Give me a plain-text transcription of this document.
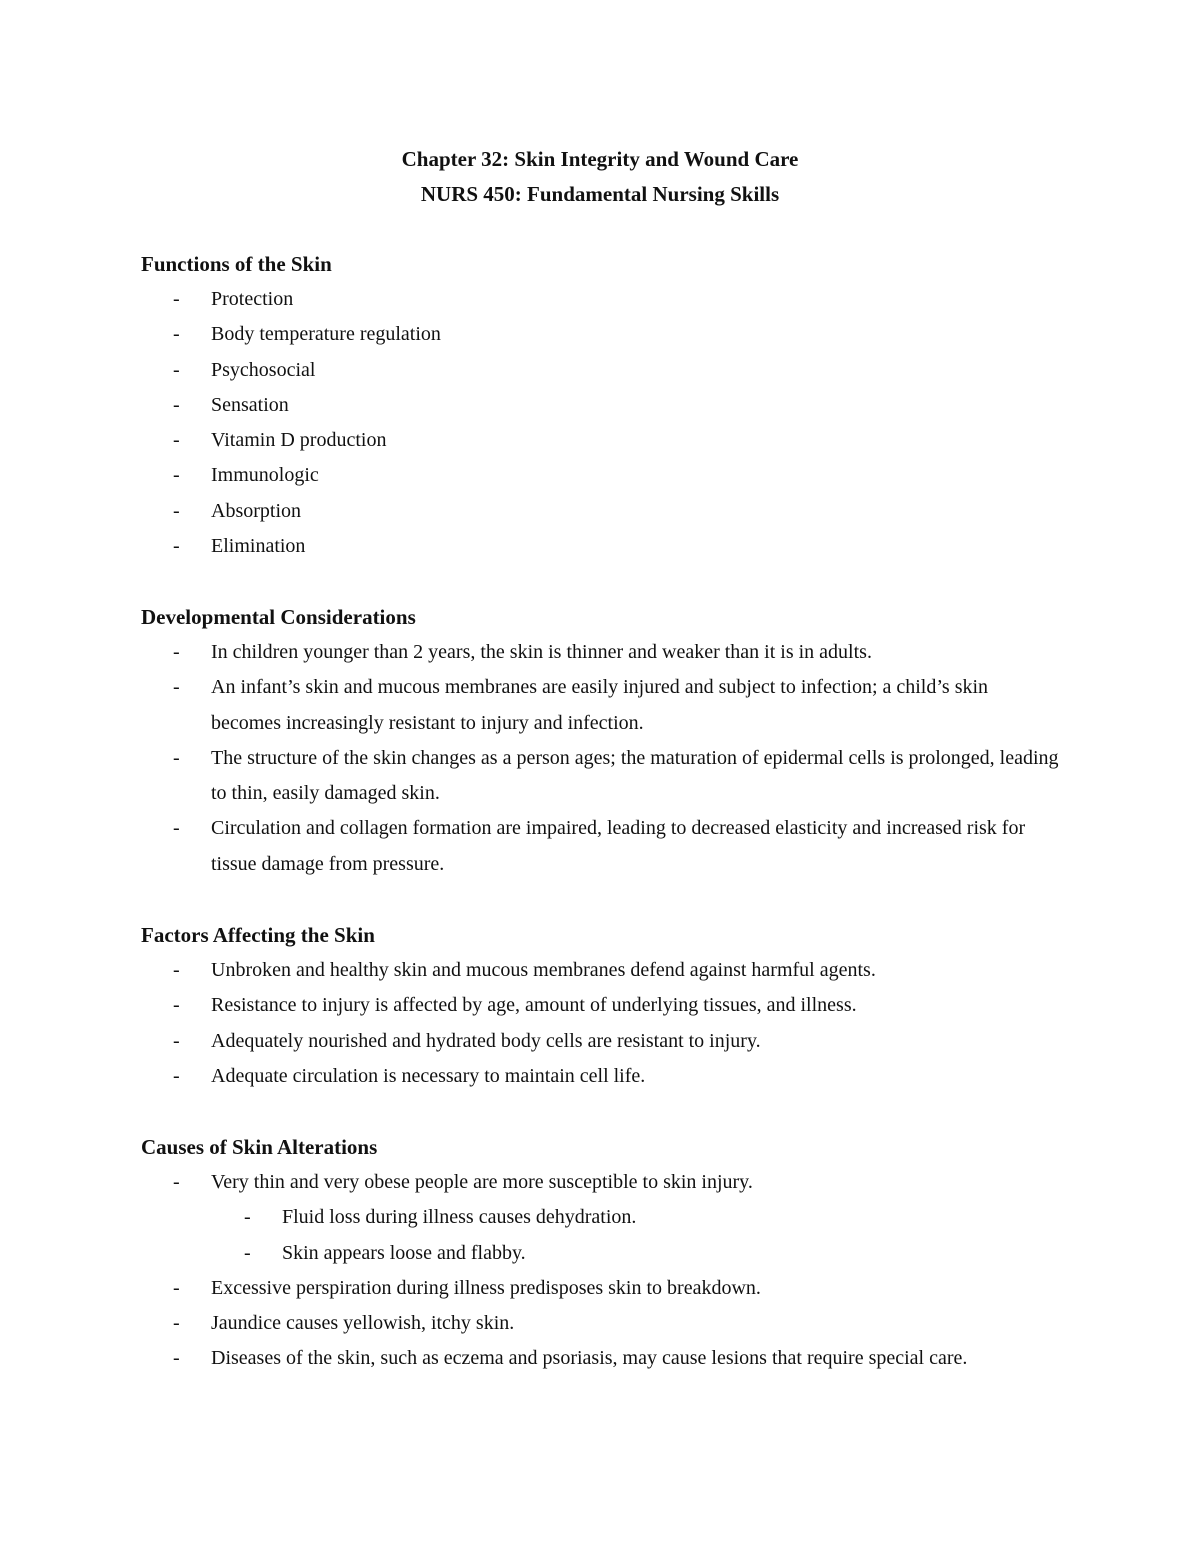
Chapter 32: Skin Integrity and Wound Care
NURS 450: Fundamental Nursing Skills
Functions of the Skin
- Protection
- Body temperature regulation
- Psychosocial
- Sensation
- Vitamin D production
- Immunologic
- Absorption
- Elimination
Developmental Considerations
- In children younger than 2 years, the skin is thinner and weaker than it is in adults.
- An infant’s skin and mucous membranes are easily injured and subject to infection; a child’s skin becomes increasingly resistant to injury and infection.
- The structure of the skin changes as a person ages; the maturation of epidermal cells is prolonged, leading to thin, easily damaged skin.
- Circulation and collagen formation are impaired, leading to decreased elasticity and increased risk for tissue damage from pressure.
Factors Affecting the Skin
- Unbroken and healthy skin and mucous membranes defend against harmful agents.
- Resistance to injury is affected by age, amount of underlying tissues, and illness.
- Adequately nourished and hydrated body cells are resistant to injury.
- Adequate circulation is necessary to maintain cell life.
Causes of Skin Alterations
- Very thin and very obese people are more susceptible to skin injury.
- Fluid loss during illness causes dehydration.
- Skin appears loose and flabby.
- Excessive perspiration during illness predisposes skin to breakdown.
- Jaundice causes yellowish, itchy skin.
- Diseases of the skin, such as eczema and psoriasis, may cause lesions that require special care.
